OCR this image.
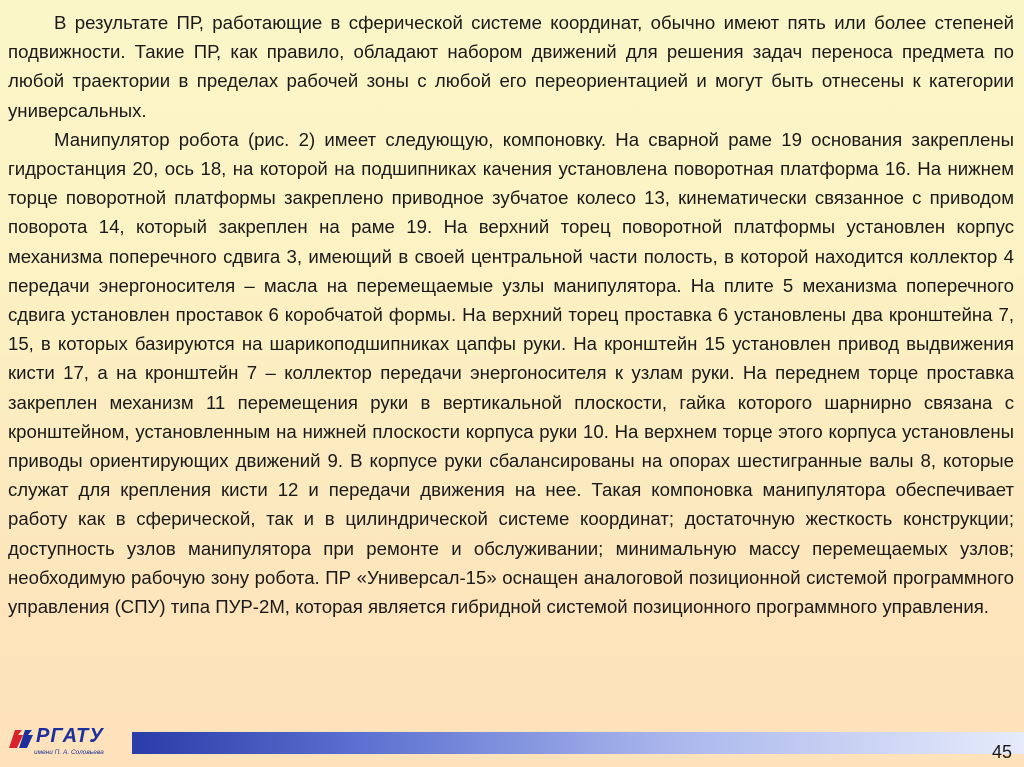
В результате ПР, работающие в сферической системе координат, обычно имеют пять или более степеней подвижности. Такие ПР, как правило, обладают набором движений для решения задач переноса предмета по любой траектории в пределах рабочей зоны с любой его переориентацией и могут быть отнесены к категории универсальных.

Манипулятор робота (рис. 2) имеет следующую, компоновку. На сварной раме 19 основания закреплены гидростанция 20, ось 18, на которой на подшипниках качения установлена поворотная платформа 16. На нижнем торце поворотной платформы закреплено приводное зубчатое колесо 13, кинематически связанное с приводом поворота 14, который закреплен на раме 19. На верхний торец поворотной платформы установлен корпус механизма поперечного сдвига 3, имеющий в своей центральной части полость, в которой находится коллектор 4 передачи энергоносителя – масла на перемещаемые узлы манипулятора. На плите 5 механизма поперечного сдвига установлен проставок 6 коробчатой формы. На верхний торец проставка 6 установлены два кронштейна 7, 15, в которых базируются на шарикоподшипниках цапфы руки. На кронштейн 15 установлен привод выдвижения кисти 17, а на кронштейн 7 – коллектор передачи энергоносителя к узлам руки. На переднем торце проставка закреплен механизм 11 перемещения руки в вертикальной плоскости, гайка которого шарнирно связана с кронштейном, установленным на нижней плоскости корпуса руки 10. На верхнем торце этого корпуса установлены приводы ориентирующих движений 9. В корпусе руки сбалансированы на опорах шестигранные валы 8, которые служат для крепления кисти 12 и передачи движения на нее. Такая компоновка манипулятора обеспечивает работу как в сферической, так и в цилиндрической системе координат; достаточную жесткость конструкции; доступность узлов манипулятора при ремонте и обслуживании; минимальную массу перемещаемых узлов; необходимую рабочую зону робота. ПР «Универсал-15» оснащен аналоговой позиционной системой программного управления (СПУ) типа ПУР-2М, которая является гибридной системой позиционного программного управления.

РГАТУ
имени П. А. Соловьева	45
